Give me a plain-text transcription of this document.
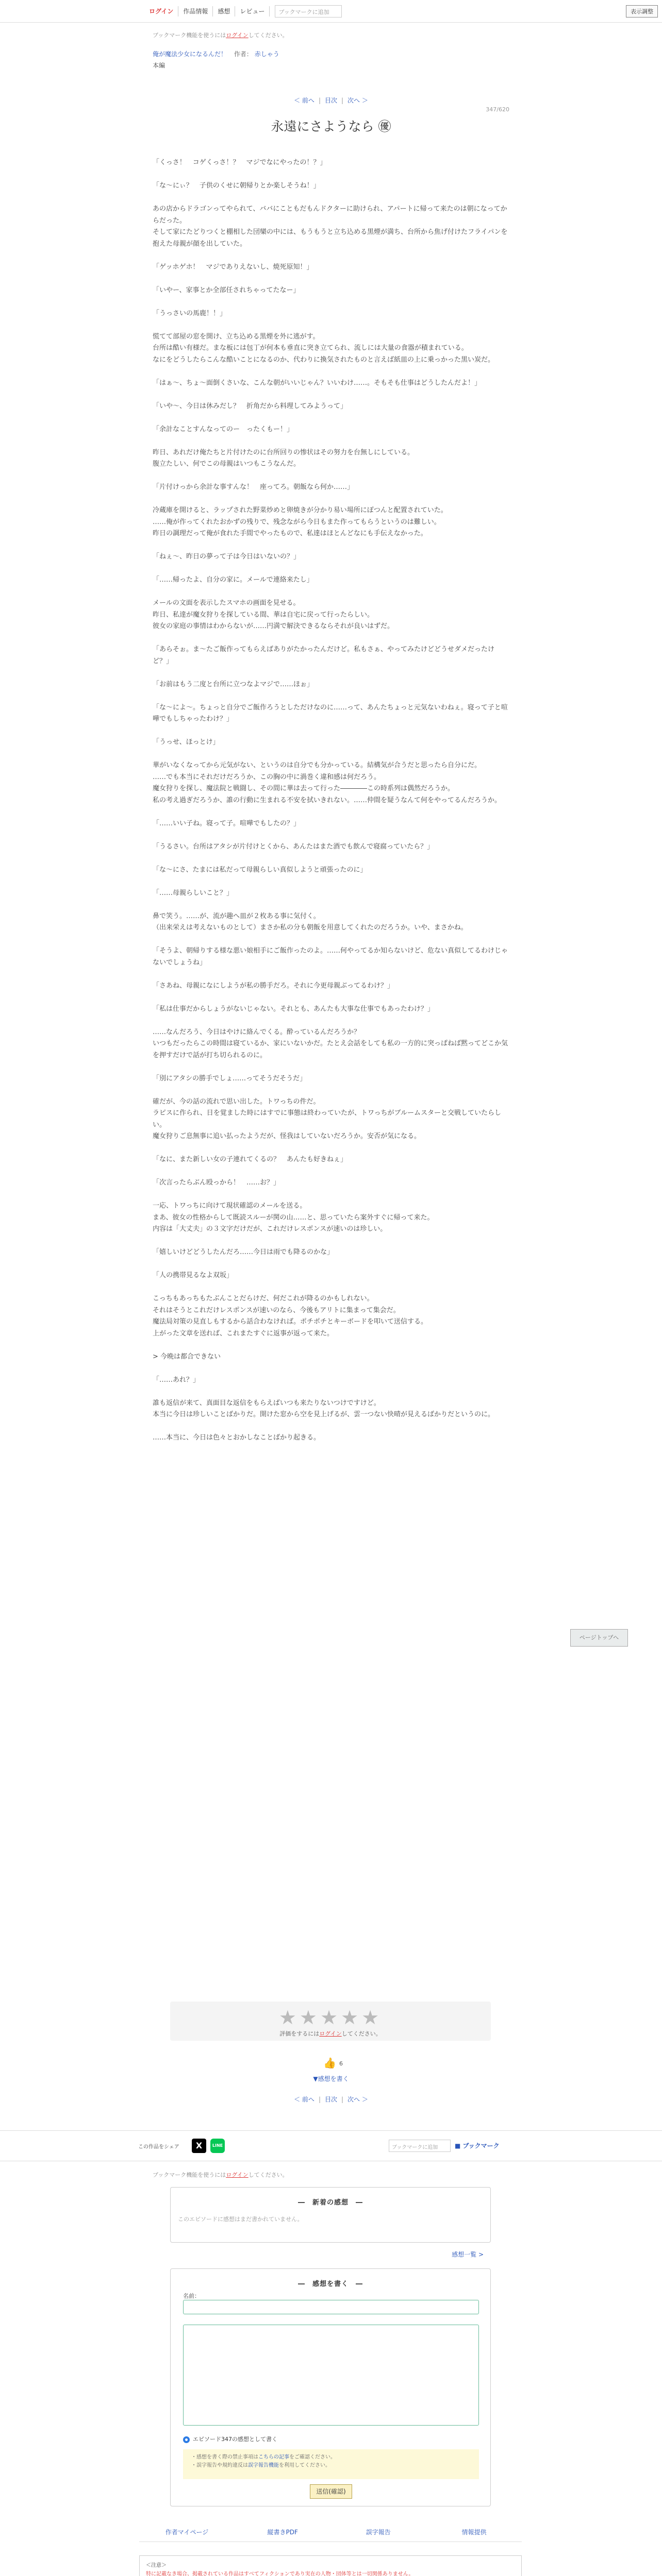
ログイン	作品情報	感想	レビュー	ブックマークに追加	表示調整
ブックマーク機能を使うにはログインしてください。
俺が魔法少女になるんだ！ 作者： 赤しゃう
本編
＜ 前へ | 目次 | 次へ ＞
347/620
永遠にさようなら ㊝

「くっさ！　コゲくっさ！？　マジでなにやったの！？」

「な〜にぃ？　子供のくせに朝帰りとか楽しそうね！」

あの店からドラゴンってやられて、ババにこともだもんドクターに助けられ、アパートに帰って来たのは朝になってからだった。

そして家にたどりつくと棚相した団欒の中には、もうもうと立ち込める黒煙が満ち、台所から焦げ付けたフライパンを抱えた母親が顔を出していた。

「ゲッホゲホ！　マジでありえないし、焼死原知！」

「いやー、家事とか全部任されちゃってたなー」

「うっさいの馬鹿！！」

慌てて部屋の窓を開け、立ち込める黒煙を外に逃がす。

台所は酷い有様だ。まな板には包丁が何本も垂直に突き立てられ、流しには大量の食器が積まれている。

なにをどうしたらこんな酷いことになるのか、代わりに換気されたものと言えば紙皿の上に乗っかった黒い炭だ。

「はぁ〜、ちょ〜面倒くさいな、こんな朝がいいじゃん？いいわけ……。そもそも仕事はどうしたんだよ！」

「いや〜、今日は休みだし？　折角だから料理してみようって」

「余計なことすんなってのー　ったくもー！」

昨日、あれだけ俺たちと片付けたのに台所回りの惨状はその努力を台無しにしている。

腹立たしい、何でこの母親はいつもこうなんだ。

「片付けっから余計な事すんな！　座ってろ。朝飯なら何か……」

冷蔵庫を開けると、ラップされた野菜炒めと卵焼きが分かり易い場所にぽつんと配置されていた。

……俺が作ってくれたおかずの残りで、残念ながら今日もまた作ってもらうというのは難しい。

昨日の調理だって俺が食れた手間でやったもので、私達はほとんどなにも手伝えなかった。

「ねぇ〜、昨日の夢って子は今日はいないの？」

「……帰ったよ、自分の家に。メールで連絡来たし」

メールの文面を表示したスマホの画面を見せる。

昨日、私達が魔女狩りを探している間、華は自宅に戻って行ったらしい。

彼女の家庭の事情はわからないが……円満で解決できるならそれが良いはずだ。

「あらそぉ。ま〜たご飯作ってもらえばありがたかったんだけど。私もさぁ、やってみたけどどうせダメだったけど？」

「お前はもう二度と台所に立つなよマジで……ほぉ」

「な〜によ〜。ちょっと自分でご飯作ろうとしただけなのに……って、あんたちょっと元気ないわねぇ。寝って子と喧嘩でもしちゃったわけ？」

「うっせ、ほっとけ」

華がいなくなってから元気がない、というのは自分でも分かっている。結構気が合うだと思ったら自分にだ。

……でも本当にそれだけだろうか、この胸の中に渦巻く違和感は何だろう。

魔女狩りを探し、魔法院と戦闘し、その間に華は去って行った――――この時系列は偶然だろうか。

私の考え過ぎだろうか、誰の行動に生まれる不安を拭いきれない。……仲間を疑うなんて何をやってるんだろうか。

「……いい子ね。寝って子。喧嘩でもしたの？」

「うるさい。台所はアタシが片付けとくから、あんたはまた酒でも飲んで寝腐っていたら？」

「な〜にさ、たまには私だって母親らしい真似しようと頑張ったのに」

「……母親らしいこと？」

鼻で笑う。……が、流が趣へ皿が２枚ある事に気付く。

（出来栄えは考えないものとして）まさか私の分も朝飯を用意してくれたのだろうか。いや、まさかね。

「そうよ、朝帰りする様な悪い娘相手にご飯作ったのよ。……何やってるか知らないけど、危ない真似してるわけじゃないでしょうね」

「さあね、母親になにしようが私の勝手だろ。それに今更母親ぶってるわけ？」

「私は仕事だからしょうがないじゃない。それとも、あんたも大事な仕事でもあったわけ？」

……なんだろう、今日はやけに絡んでくる。酔っているんだろうか？

いつもだったらこの時間は寝ているか、家にいないかだ。たとえ会話をしても私の一方的に突っぱねば黙ってどこか気を押すだけで話が打ち切られるのに。

「別にアタシの勝手でしょ……ってそうだそうだ」

確だが、今の話の流れで思い出した。トワっちの件だ。

ラピスに作られ、日を覚ました時にはすでに事態は終わっていたが、トワっちがブルームスターと交戦していたらしい。

魔女狩りご息無事に追い払ったようだが、怪我はしていないだろうか。安否が気になる。

「なに、また新しい女の子連れてくるの？　あんたも好きねぇ」

「次言ったらぶん殴っから！　……お？」

一応、トワっちに向けて現状確認のメールを送る。

まあ、彼女の性格からして既読スルーが関の山……と、思っていたら案外すぐに帰って来た。

内容は「大丈夫」の３文字だけだが、これだけレスポンスが速いのは珍しい。

「嬉しいけどどうしたんだろ……今日は雨でも降るのかな」

「人の携帯見るなよ双坂」

こっちもあっちもたぶんことだらけだ、何だこれが降るのかもしれない。

それはそうとこれだけレスポンスが速いのなら、今後もアリトに集まって集会だ。

魔法局対策の見直しもするから話合わなければ。ポチポチとキーボードを叩いて送信する。

上がった文章を送れば、これまたすぐに返事が返って来た。

> 今晩は都合できない

「……あれ？」

誰も返信が来て、真面目な返信をもらえばいつも来たりないつけですけど。

本当に今日は珍しいことばかりだ。開けた窓から空を見上げるが、雲一つない快晴が見えるばかりだというのに。

……本当に、今日は色々とおかしなことばかり起きる。

ページトップへ
★★★★★
評価をするにはログインしてください。
👍 6
▼感想を書く
＜ 前へ | 目次 | 次へ ＞
この作品をシェア	X	LINE	ブックマークに追加	■ ブックマーク
ブックマーク機能を使うにはログインしてください。
―　新着の感想　―
このエピソードに感想はまだ書かれていません。
感想一覧 >
―　感想を書く　―
名前：
エピソード347の感想として書く
・感想を書く際の禁止事項はこちらの記事をご確認ください。
・誤字報告や規約違反は誤字報告機能を利用してください。
送信(確認)
作者マイページ	縦書きPDF	誤字報告	情報提供
＜注意＞
特に記載なき場合、掲載されている作品はすべてフィクションであり実在の人物・団体等とは一切関係ありません。
